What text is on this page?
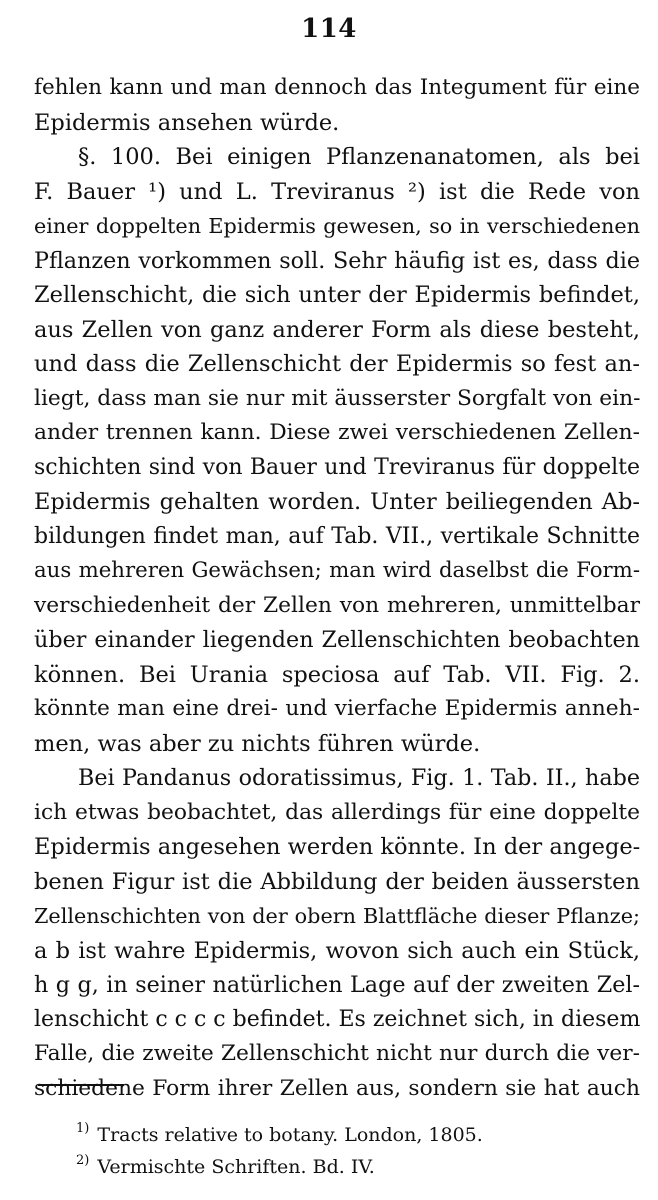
114
fehlen kann und man dennoch das Integument für eine
Epidermis ansehen würde.
§. 100. Bei einigen Pflanzenanatomen, als bei
F. Bauer ¹) und L. Treviranus ²) ist die Rede von
einer doppelten Epidermis gewesen, so in verschiedenen
Pflanzen vorkommen soll. Sehr häufig ist es, dass die
Zellenschicht, die sich unter der Epidermis befindet,
aus Zellen von ganz anderer Form als diese besteht,
und dass die Zellenschicht der Epidermis so fest an-
liegt, dass man sie nur mit äusserster Sorgfalt von ein-
ander trennen kann. Diese zwei verschiedenen Zellen-
schichten sind von Bauer und Treviranus für doppelte
Epidermis gehalten worden. Unter beiliegenden Ab-
bildungen findet man, auf Tab. VII., vertikale Schnitte
aus mehreren Gewächsen; man wird daselbst die Form-
verschiedenheit der Zellen von mehreren, unmittelbar
über einander liegenden Zellenschichten beobachten
können. Bei Urania speciosa auf Tab. VII. Fig. 2.
könnte man eine drei- und vierfache Epidermis anneh-
men, was aber zu nichts führen würde.
Bei Pandanus odoratissimus, Fig. 1. Tab. II., habe
ich etwas beobachtet, das allerdings für eine doppelte
Epidermis angesehen werden könnte. In der angege-
benen Figur ist die Abbildung der beiden äussersten
Zellenschichten von der obern Blattfläche dieser Pflanze;
a b ist wahre Epidermis, wovon sich auch ein Stück,
h g g, in seiner natürlichen Lage auf der zweiten Zel-
lenschicht c c c c befindet. Es zeichnet sich, in diesem
Falle, die zweite Zellenschicht nicht nur durch die ver-
schiedene Form ihrer Zellen aus, sondern sie hat auch
$^{1)}$ Tracts relative to botany. London, 1805.
$^{2)}$ Vermischte Schriften. Bd. IV.
